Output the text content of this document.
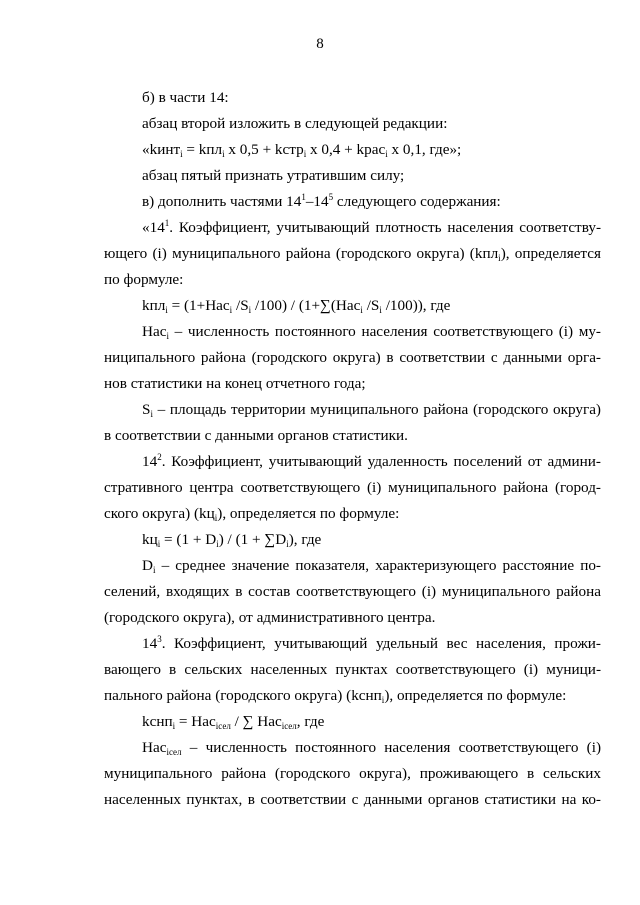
8

б) в части 14:

абзац второй изложить в следующей редакции:

«kинт$_i$ = kпл$_i$ x 0,5 + kстр$_i$ x 0,4 + kрас$_i$ x 0,1, где»;

абзац пятый признать утратившим силу;

в) дополнить частями $14^1-14^5$ следующего содержания:

«$14^1$. Коэффициент, учитывающий плотность населения соответству-

ющего (i) муниципального района (городского округа) (kпл$_i$), определяется

по формуле:

kпл$_i$ = (1+Нас$_i$ $/S_i$ /100) / (1+∑(Нас$_i$ $/S_i$ /100)), где

Нас$_i$ – численность постоянного населения соответствующего (i) му-

ниципального района (городского округа) в соответствии с данными орга-

нов статистики на конец отчетного года;

$S_i$ – площадь территории муниципального района (городского округа)

в соответствии с данными органов статистики.

$14^2$. Коэффициент, учитывающий удаленность поселений от админи-

стративного центра соответствующего (i) муниципального района (город-

ского округа) $(kц_i)$, определяется по формуле:

$kц_i = (1 + D_i) / (1 + \sum D_i)$, где

$D_i$ – среднее значение показателя, характеризующего расстояние по-

селений, входящих в состав соответствующего (i) муниципального района

(городского округа), от административного центра.

$14^3$. Коэффициент, учитывающий удельный вес населения, прожи-

вающего в сельских населенных пунктах соответствующего (i) муници-

пального района (городского округа) (kснп$_i$), определяется по формуле:

kснп$_i$ = Нас$_{iсел}$ / ∑ Нас$_{iсел}$, где

Нас$_{iсел}$ – численность постоянного населения соответствующего (i)

муниципального района (городского округа), проживающего в сельских

населенных пунктах, в соответствии с данными органов статистики на ко-
